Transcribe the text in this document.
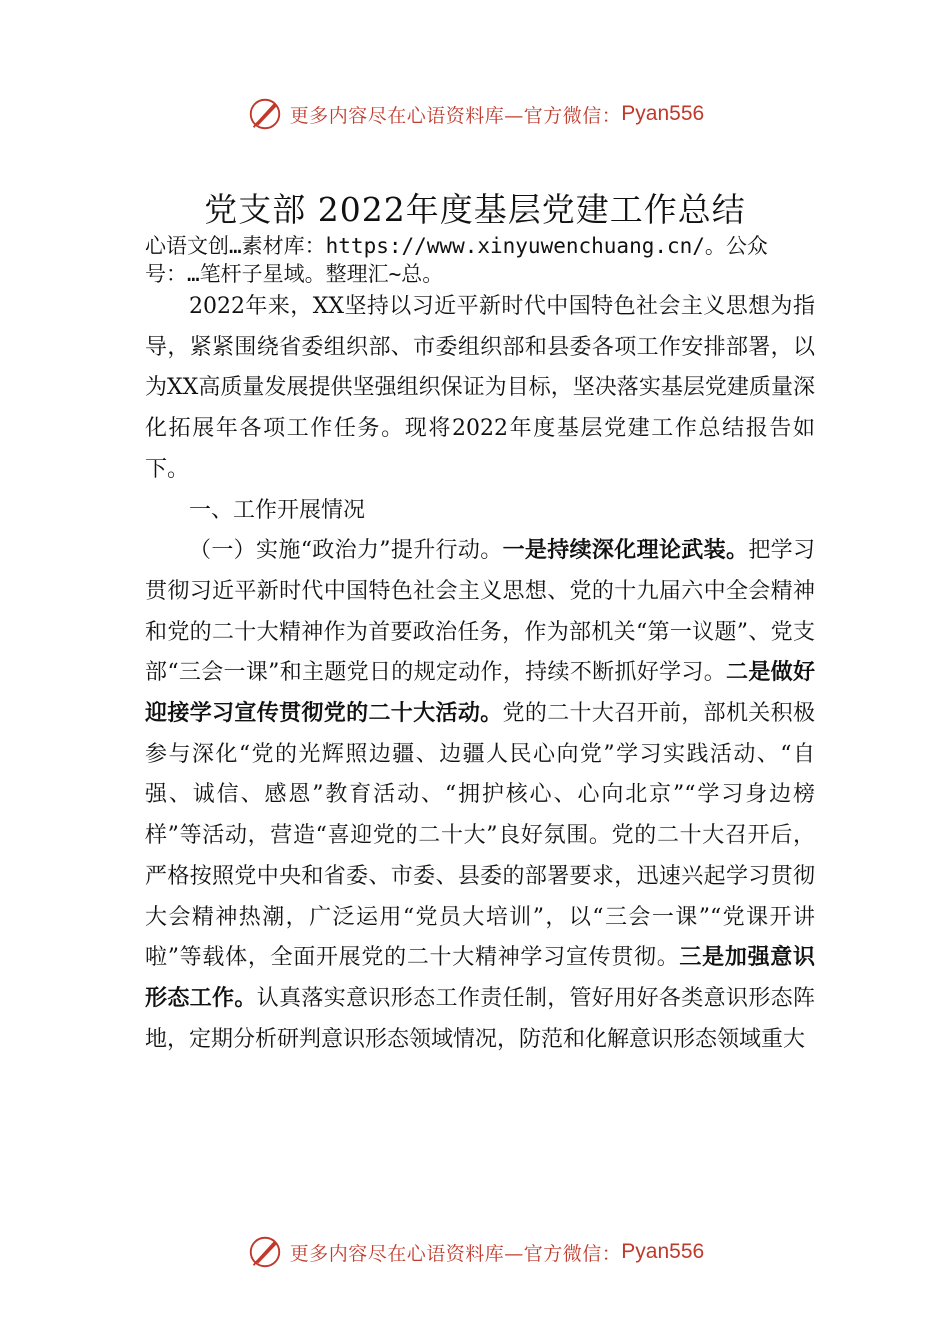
更多内容尽在心语资料库—官方微信： Pyan556
党支部 2022年度基层党建工作总结
心语文创…素材库：https://www.xinyuwenchuang.cn/。公众
号：…笔杆子星域。整理汇~总。

2022年来，XX坚持以习近平新时代中国特色社会主义思想为指导，紧紧围绕省委组织部、市委组织部和县委各项工作安排部署，以为XX高质量发展提供坚强组织保证为目标，坚决落实基层党建质量深化拓展年各项工作任务。现将2022年度基层党建工作总结报告如下。

一、工作开展情况

（一）实施“政治力”提升行动。一是持续深化理论武装。把学习贯彻习近平新时代中国特色社会主义思想、党的十九届六中全会精神和党的二十大精神作为首要政治任务，作为部机关“第一议题”、党支部“三会一课”和主题党日的规定动作，持续不断抓好学习。二是做好迎接学习宣传贯彻党的二十大活动。党的二十大召开前，部机关积极参与深化“党的光辉照边疆、边疆人民心向党”学习实践活动、“自强、诚信、感恩”教育活动、“拥护核心、心向北京”“学习身边榜样”等活动，营造“喜迎党的二十大”良好氛围。党的二十大召开后，严格按照党中央和省委、市委、县委的部署要求，迅速兴起学习贯彻大会精神热潮，广泛运用“党员大培训”，以“三会一课”“党课开讲啦”等载体，全面开展党的二十大精神学习宣传贯彻。三是加强意识形态工作。认真落实意识形态工作责任制，管好用好各类意识形态阵地，定期分析研判意识形态领域情况，防范和化解意识形态领域重大

更多内容尽在心语资料库—官方微信： Pyan556
